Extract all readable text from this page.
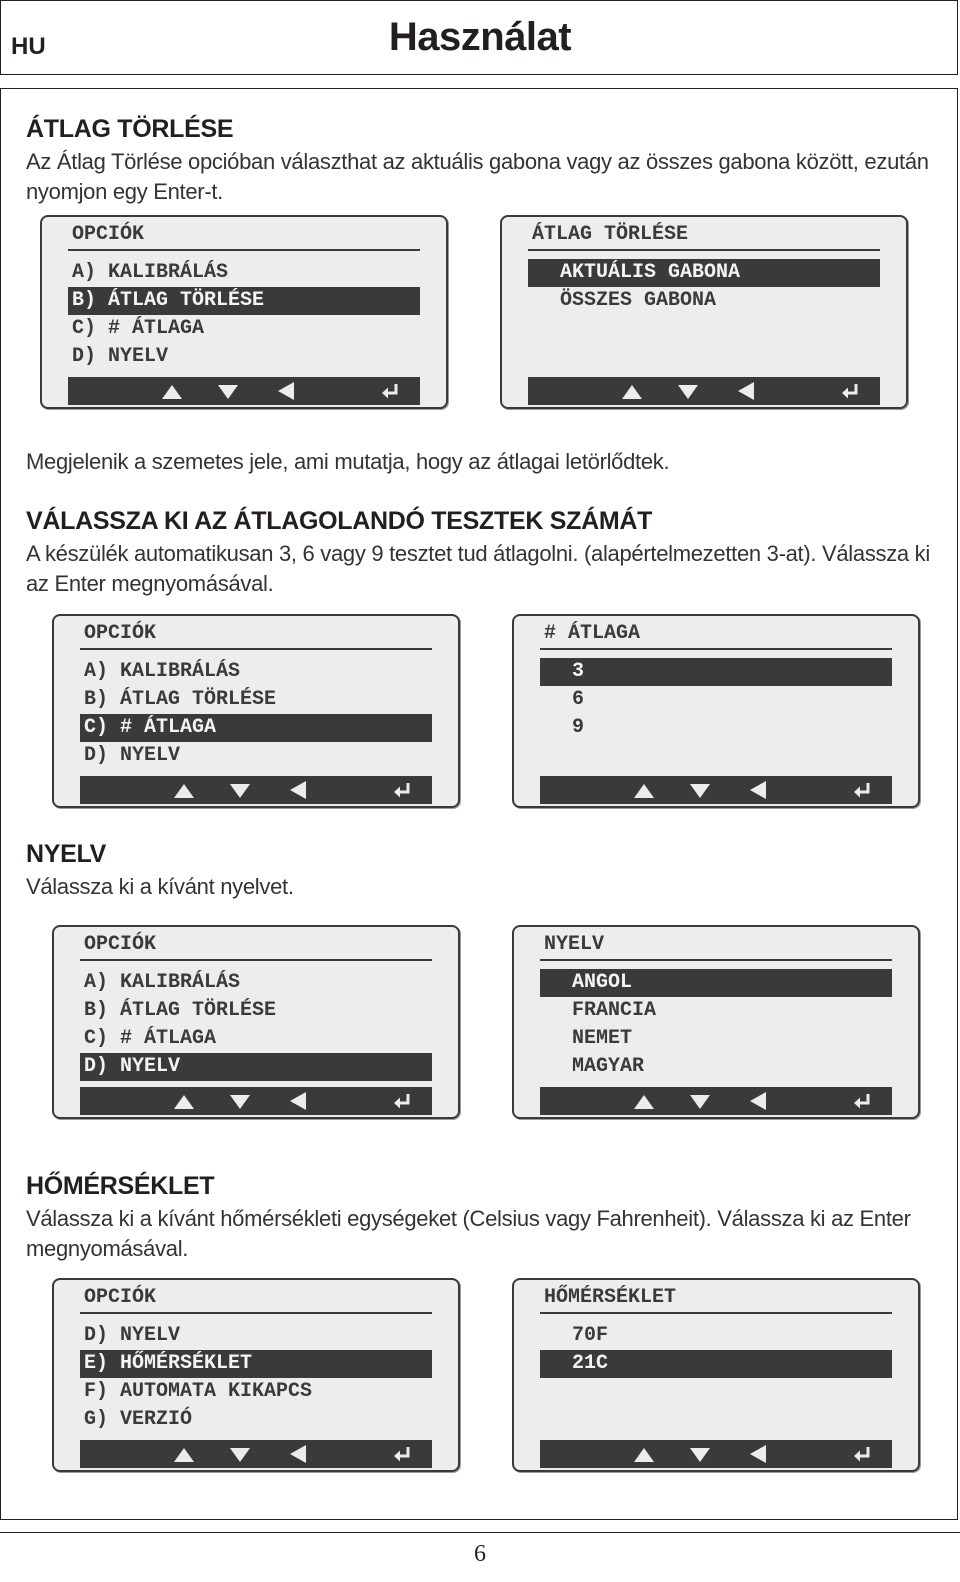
HU	Használat
ÁTLAG TÖRLÉSE
Az Átlag Törlése opcióban választhat az aktuális gabona vagy az összes gabona között, ezután nyomjon egy Enter-t.
OPCIÓK
A) KALIBRÁLÁS
B) ÁTLAG TÖRLÉSE
C) # ÁTLAGA
D) NYELV
ÁTLAG TÖRLÉSE
AKTUÁLIS GABONA
ÖSSZES GABONA
Megjelenik a szemetes jele, ami mutatja, hogy az átlagai letörlődtek.
VÁLASSZA KI AZ ÁTLAGOLANDÓ TESZTEK SZÁMÁT
A készülék automatikusan 3, 6 vagy 9 tesztet tud átlagolni. (alapértelmezetten 3-at). Válassza ki az Enter megnyomásával.
OPCIÓK
A) KALIBRÁLÁS
B) ÁTLAG TÖRLÉSE
C) # ÁTLAGA
D) NYELV
# ÁTLAGA
3
6
9
NYELV
Válassza ki a kívánt nyelvet.
OPCIÓK
A) KALIBRÁLÁS
B) ÁTLAG TÖRLÉSE
C) # ÁTLAGA
D) NYELV
NYELV
ANGOL
FRANCIA
NEMET
MAGYAR
HŐMÉRSÉKLET
Válassza ki a kívánt hőmérsékleti egységeket (Celsius vagy Fahrenheit). Válassza ki az Enter megnyomásával.
OPCIÓK
D) NYELV
E) HŐMÉRSÉKLET
F) AUTOMATA KIKAPCS
G) VERZIÓ
HŐMÉRSÉKLET
70F
21C
6
